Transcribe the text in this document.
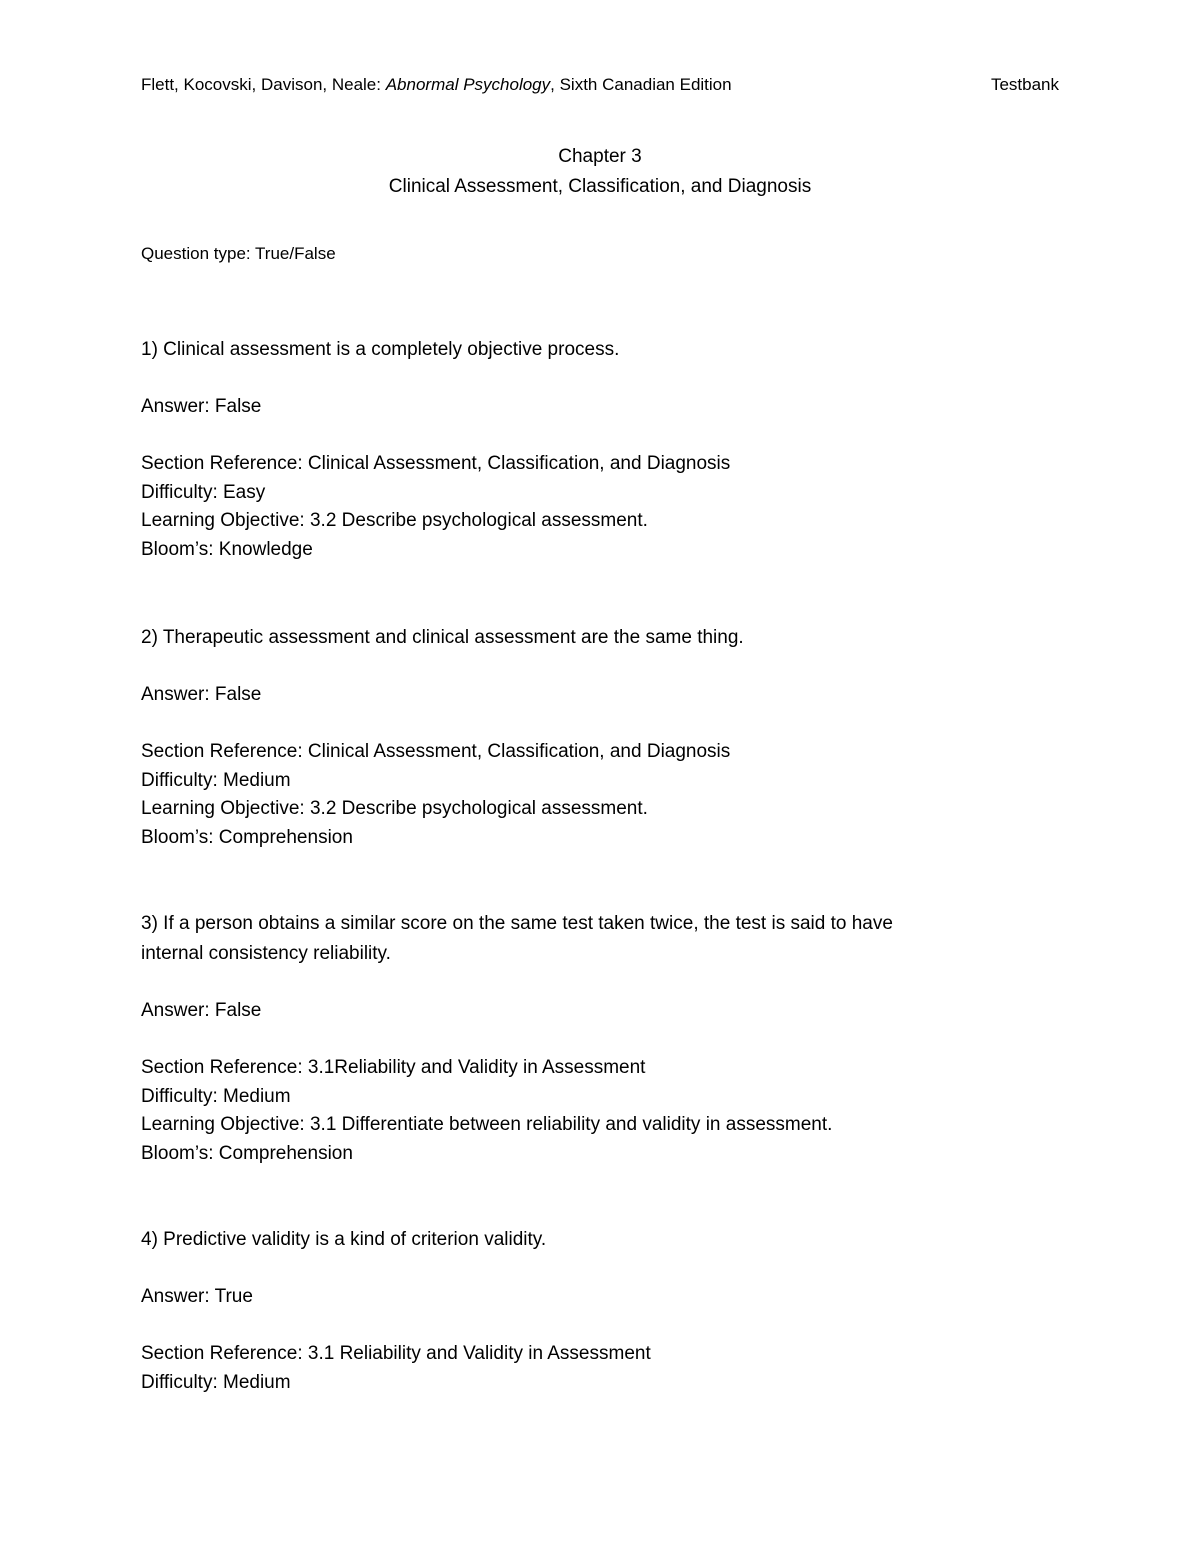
Flett, Kocovski, Davison, Neale: Abnormal Psychology, Sixth Canadian Edition	Testbank
Chapter 3
Clinical Assessment, Classification, and Diagnosis
Question type: True/False

1) Clinical assessment is a completely objective process.

Answer: False

Section Reference: Clinical Assessment, Classification, and Diagnosis

Difficulty: Easy

Learning Objective: 3.2 Describe psychological assessment.

Bloom’s: Knowledge

2) Therapeutic assessment and clinical assessment are the same thing.

Answer: False

Section Reference: Clinical Assessment, Classification, and Diagnosis

Difficulty: Medium

Learning Objective: 3.2 Describe psychological assessment.

Bloom’s: Comprehension

3) If a person obtains a similar score on the same test taken twice, the test is said to have

internal consistency reliability.

Answer: False

Section Reference: 3.1Reliability and Validity in Assessment

Difficulty: Medium

Learning Objective: 3.1 Differentiate between reliability and validity in assessment.

Bloom’s: Comprehension

4) Predictive validity is a kind of criterion validity.

Answer: True

Section Reference: 3.1 Reliability and Validity in Assessment

Difficulty: Medium
